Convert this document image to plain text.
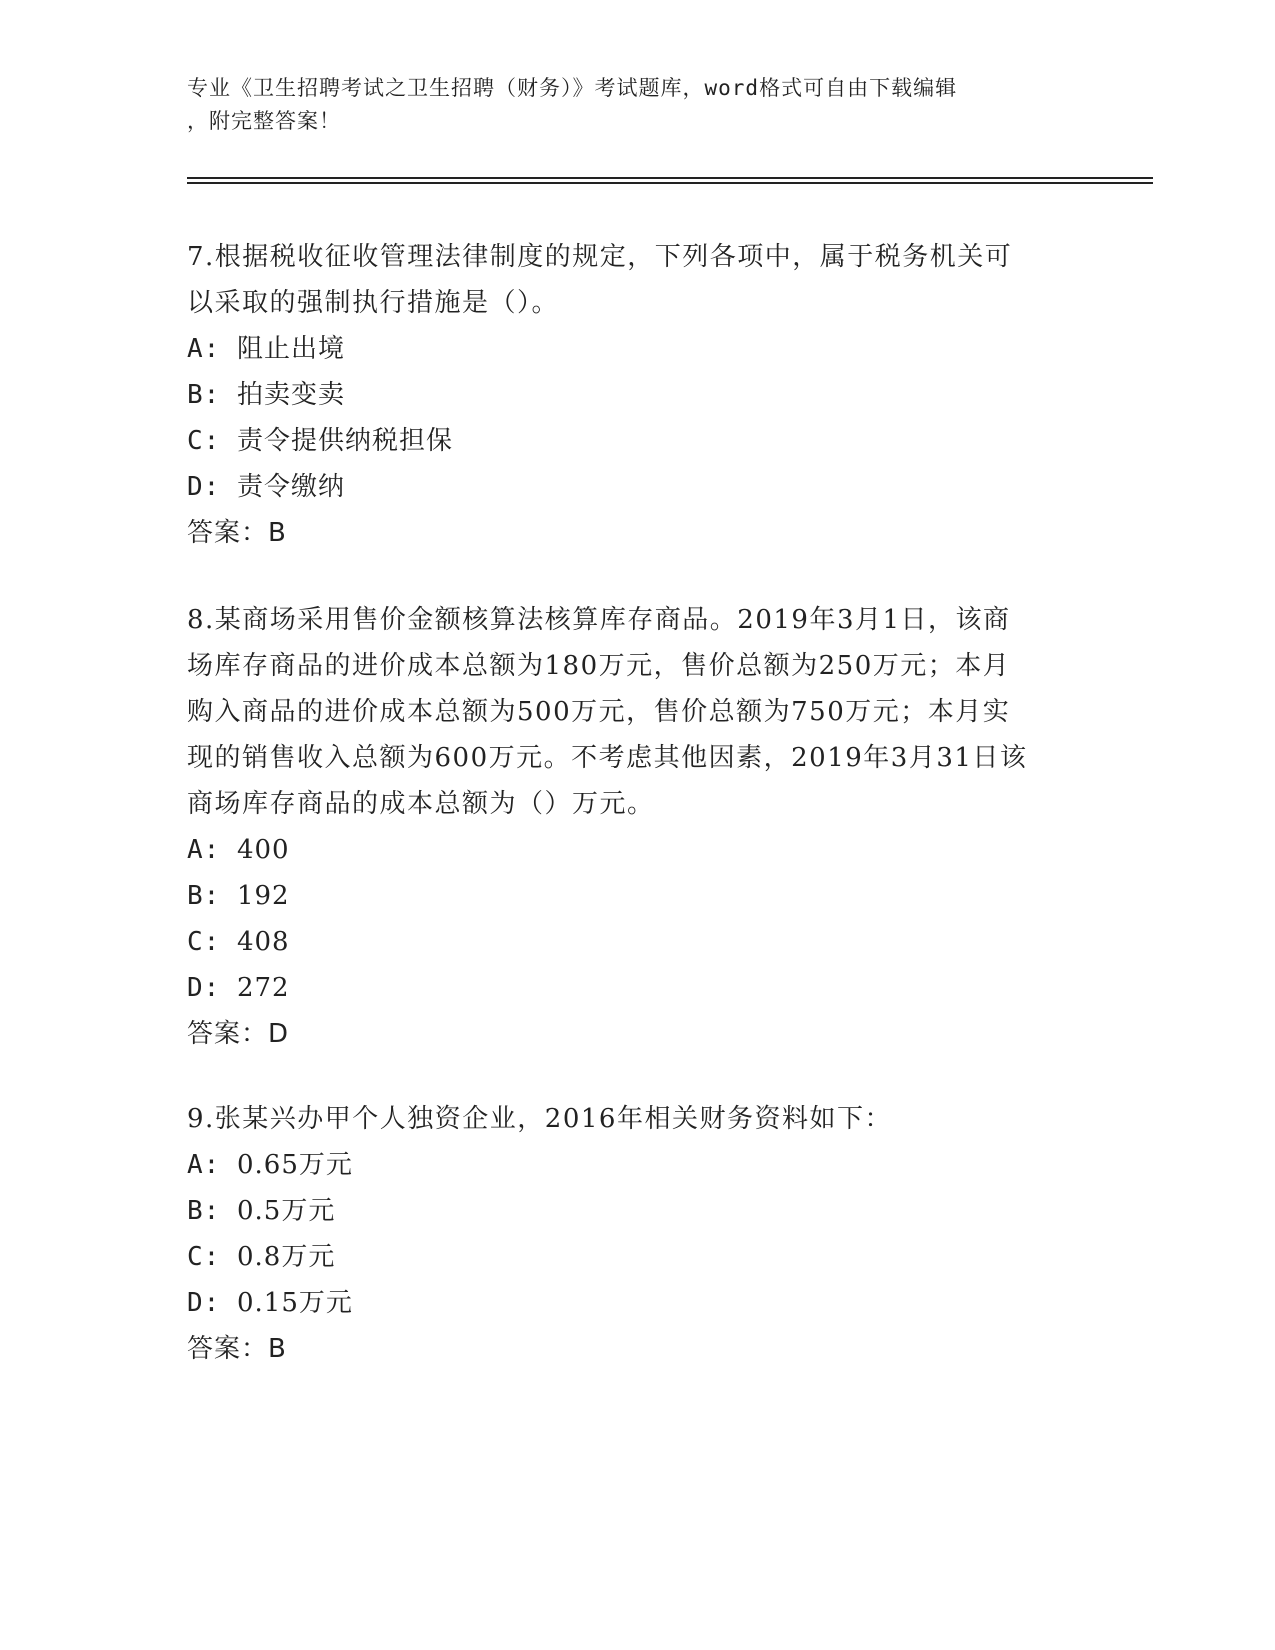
专业《卫生招聘考试之卫生招聘（财务）》考试题库，word格式可自由下载编辑
，附完整答案！
7.根据税收征收管理法律制度的规定，下列各项中，属于税务机关可
以采取的强制执行措施是（）。
A: 阻止出境
B: 拍卖变卖
C: 责令提供纳税担保
D: 责令缴纳
答案：B
8.某商场采用售价金额核算法核算库存商品。2019年3月1日，该商
场库存商品的进价成本总额为180万元，售价总额为250万元；本月
购入商品的进价成本总额为500万元，售价总额为750万元；本月实
现的销售收入总额为600万元。不考虑其他因素，2019年3月31日该
商场库存商品的成本总额为（）万元。
A: 400
B: 192
C: 408
D: 272
答案：D
9.张某兴办甲个人独资企业，2016年相关财务资料如下：
A: 0.65万元
B: 0.5万元
C: 0.8万元
D: 0.15万元
答案：B
